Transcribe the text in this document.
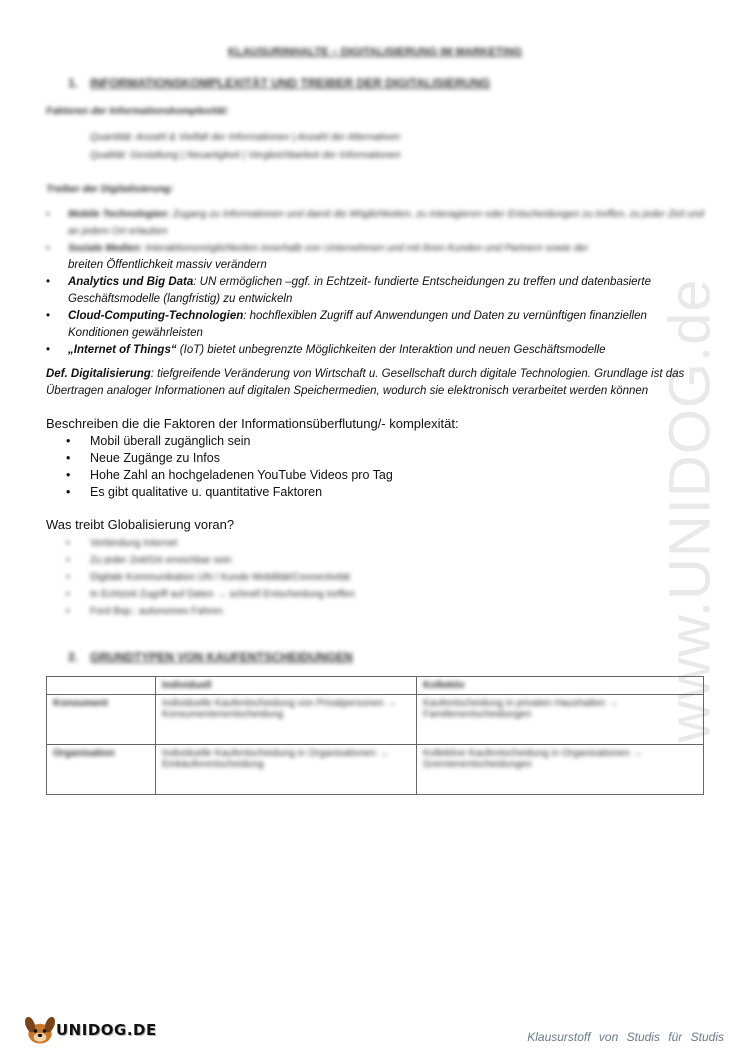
www.UNIDOG.de
KLAUSURINHALTE – DIGITALISIERUNG IM MARKETING
1. INFORMATIONSKOMPLEXITÄT UND TREIBER DER DIGITALISIERUNG
Faktoren der Informationskomplexität:
Quantität: Anzahl & Vielfalt der Informationen | Anzahl der Alternativen
Qualität: Gestaltung | Neuartigkeit | Vergleichbarkeit der Informationen
Treiber der Digitalisierung:
• Mobile Technologien: Zugang zu Informationen und damit die Möglichkeiten, zu interagieren oder Entscheidungen zu treffen, zu jeder Zeit und an jedem Ort erlauben
• Soziale Medien: Interaktionsmöglichkeiten innerhalb von Unternehmen und mit ihren Kunden und Partnern sowie der
breiten Öffentlichkeit massiv verändern
• Analytics und Big Data: UN ermöglichen –ggf. in Echtzeit- fundierte Entscheidungen zu treffen und datenbasierte Geschäftsmodelle (langfristig) zu entwickeln
• Cloud-Computing-Technologien: hochflexiblen Zugriff auf Anwendungen und Daten zu vernünftigen finanziellen Konditionen gewährleisten
• „Internet of Things“ (IoT) bietet unbegrenzte Möglichkeiten der Interaktion und neuen Geschäftsmodelle
Def. Digitalisierung: tiefgreifende Veränderung von Wirtschaft u. Gesellschaft durch digitale Technologien. Grundlage ist das Übertragen analoger Informationen auf digitalen Speichermedien, wodurch sie elektronisch verarbeitet werden können
Beschreiben die die Faktoren der Informationsüberflutung/- komplexität:
• Mobil überall zugänglich sein
• Neue Zugänge zu Infos
• Hohe Zahl an hochgeladenen YouTube Videos pro Tag
• Es gibt qualitative u. quantitative Faktoren
Was treibt Globalisierung voran?
• Verbindung Internet
• Zu jeder Zeit/Ort erreichbar sein
• Digitale Kommunikation UN / Kunde Mobilität/Connectivität
• In Echtzeit Zugriff auf Daten → schnell Entscheidung treffen
• Ford Bsp.: autonomes Fahren
2. GRUNDTYPEN VON KAUFENTSCHEIDUNGEN
	Individuell	Kollektiv
Konsument	Individuelle Kaufentscheidung von Privatpersonen → Konsumentenentscheidung	Kaufentscheidung in privaten Haushalten → Familienentscheidungen
Organisation	Individuelle Kaufentscheidung in Organisationen → Einkäuferentscheidung	Kollektive Kaufentscheidung in Organisationen → Gremienentscheidungen
UNIDOG.DE	Klausurstoff von Studis für Studis
